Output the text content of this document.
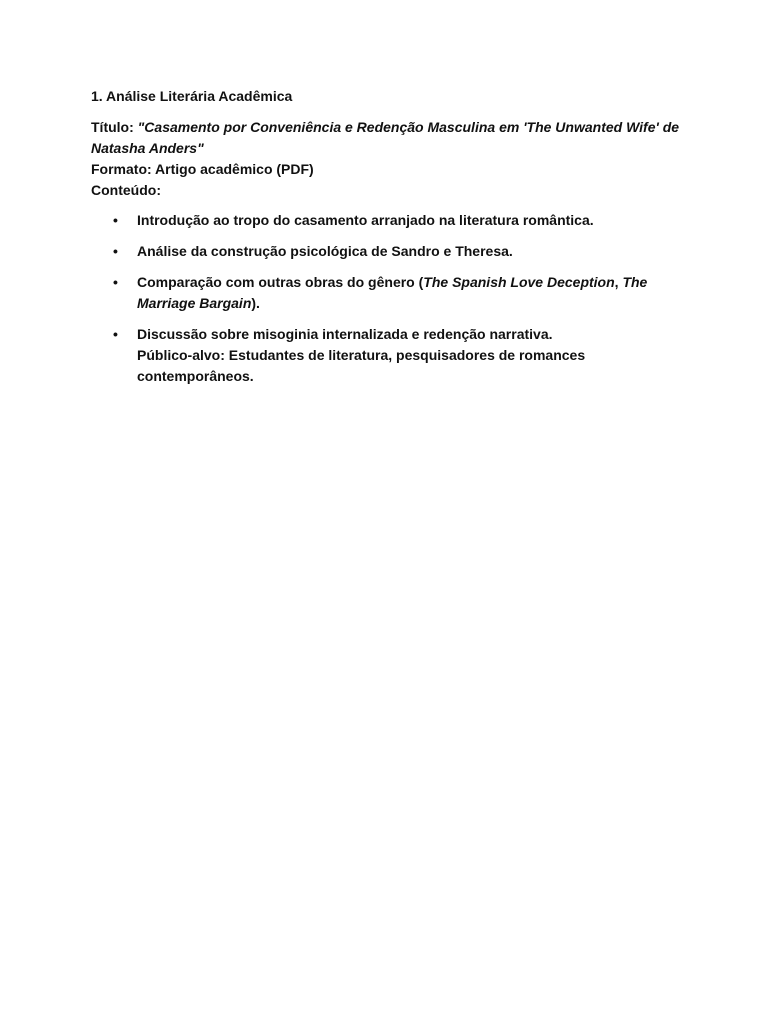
1. Análise Literária Acadêmica
Título: "Casamento por Conveniência e Redenção Masculina em 'The Unwanted Wife' de Natasha Anders"
Formato: Artigo acadêmico (PDF)
Conteúdo:
• Introdução ao tropo do casamento arranjado na literatura romântica.
• Análise da construção psicológica de Sandro e Theresa.
• Comparação com outras obras do gênero (The Spanish Love Deception, The Marriage Bargain).
• Discussão sobre misoginia internalizada e redenção narrativa.
Público-alvo: Estudantes de literatura, pesquisadores de romances contemporâneos.
